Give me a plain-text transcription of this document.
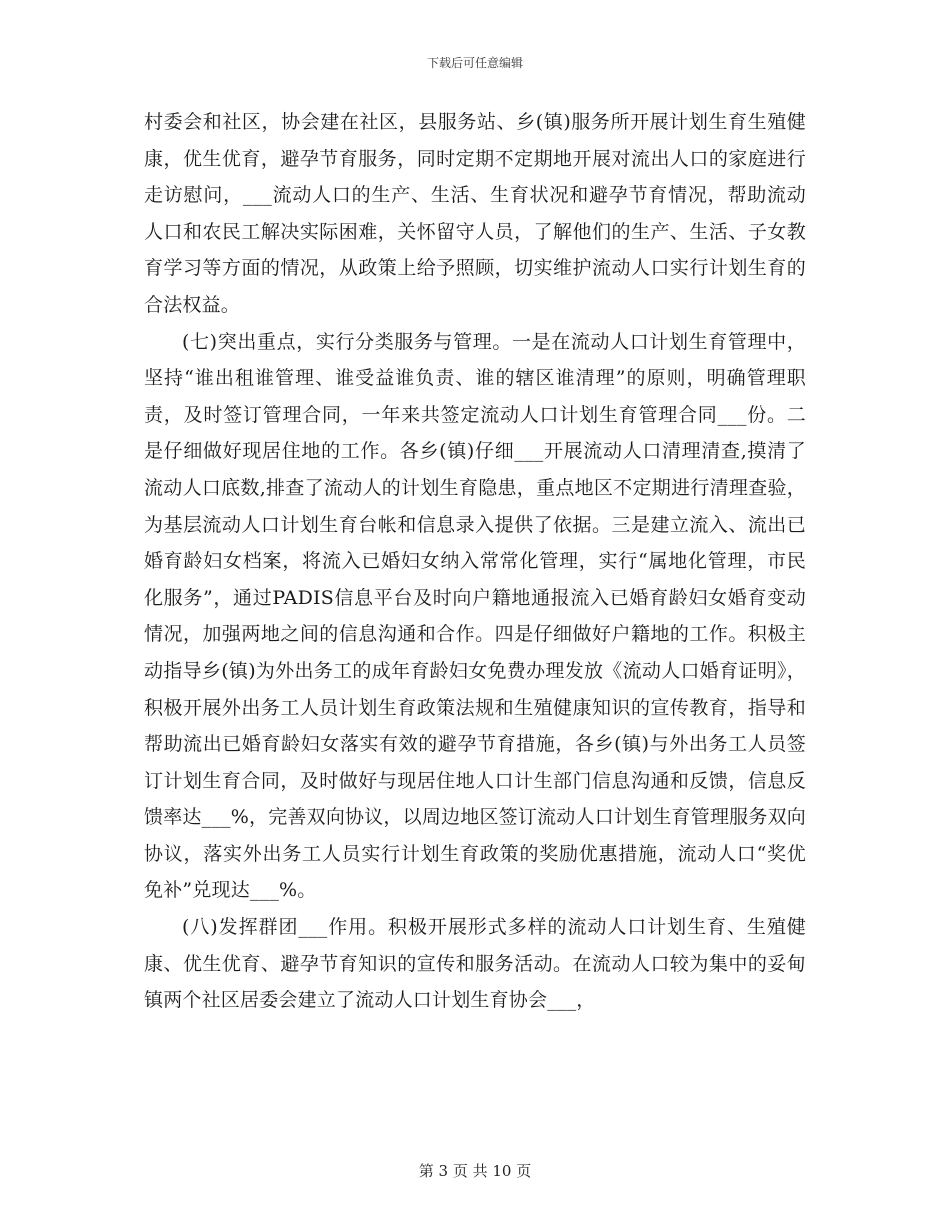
下载后可任意编辑

村委会和社区，协会建在社区，县服务站、乡(镇)服务所开展计划生育生殖健康，优生优育，避孕节育服务，同时定期不定期地开展对流出人口的家庭进行走访慰问，___流动人口的生产、生活、生育状况和避孕节育情况，帮助流动人口和农民工解决实际困难，关怀留守人员，了解他们的生产、生活、子女教育学习等方面的情况，从政策上给予照顾，切实维护流动人口实行计划生育的合法权益。

(七)突出重点，实行分类服务与管理。一是在流动人口计划生育管理中，坚持“谁出租谁管理、谁受益谁负责、谁的辖区谁清理”的原则，明确管理职责，及时签订管理合同，一年来共签定流动人口计划生育管理合同___份。二是仔细做好现居住地的工作。各乡(镇)仔细___开展流动人口清理清查,摸清了流动人口底数,排查了流动人的计划生育隐患，重点地区不定期进行清理查验，为基层流动人口计划生育台帐和信息录入提供了依据。三是建立流入、流出已婚育龄妇女档案，将流入已婚妇女纳入常常化管理，实行“属地化管理，市民化服务”，通过PADIS信息平台及时向户籍地通报流入已婚育龄妇女婚育变动情况，加强两地之间的信息沟通和合作。四是仔细做好户籍地的工作。积极主动指导乡(镇)为外出务工的成年育龄妇女免费办理发放《流动人口婚育证明》，积极开展外出务工人员计划生育政策法规和生殖健康知识的宣传教育，指导和帮助流出已婚育龄妇女落实有效的避孕节育措施，各乡(镇)与外出务工人员签订计划生育合同，及时做好与现居住地人口计生部门信息沟通和反馈，信息反馈率达___%，完善双向协议，以周边地区签订流动人口计划生育管理服务双向协议，落实外出务工人员实行计划生育政策的奖励优惠措施，流动人口“奖优免补”兑现达___%。

(八)发挥群团___作用。积极开展形式多样的流动人口计划生育、生殖健康、优生优育、避孕节育知识的宣传和服务活动。在流动人口较为集中的妥甸镇两个社区居委会建立了流动人口计划生育协会___，

第 3 页 共 10 页
